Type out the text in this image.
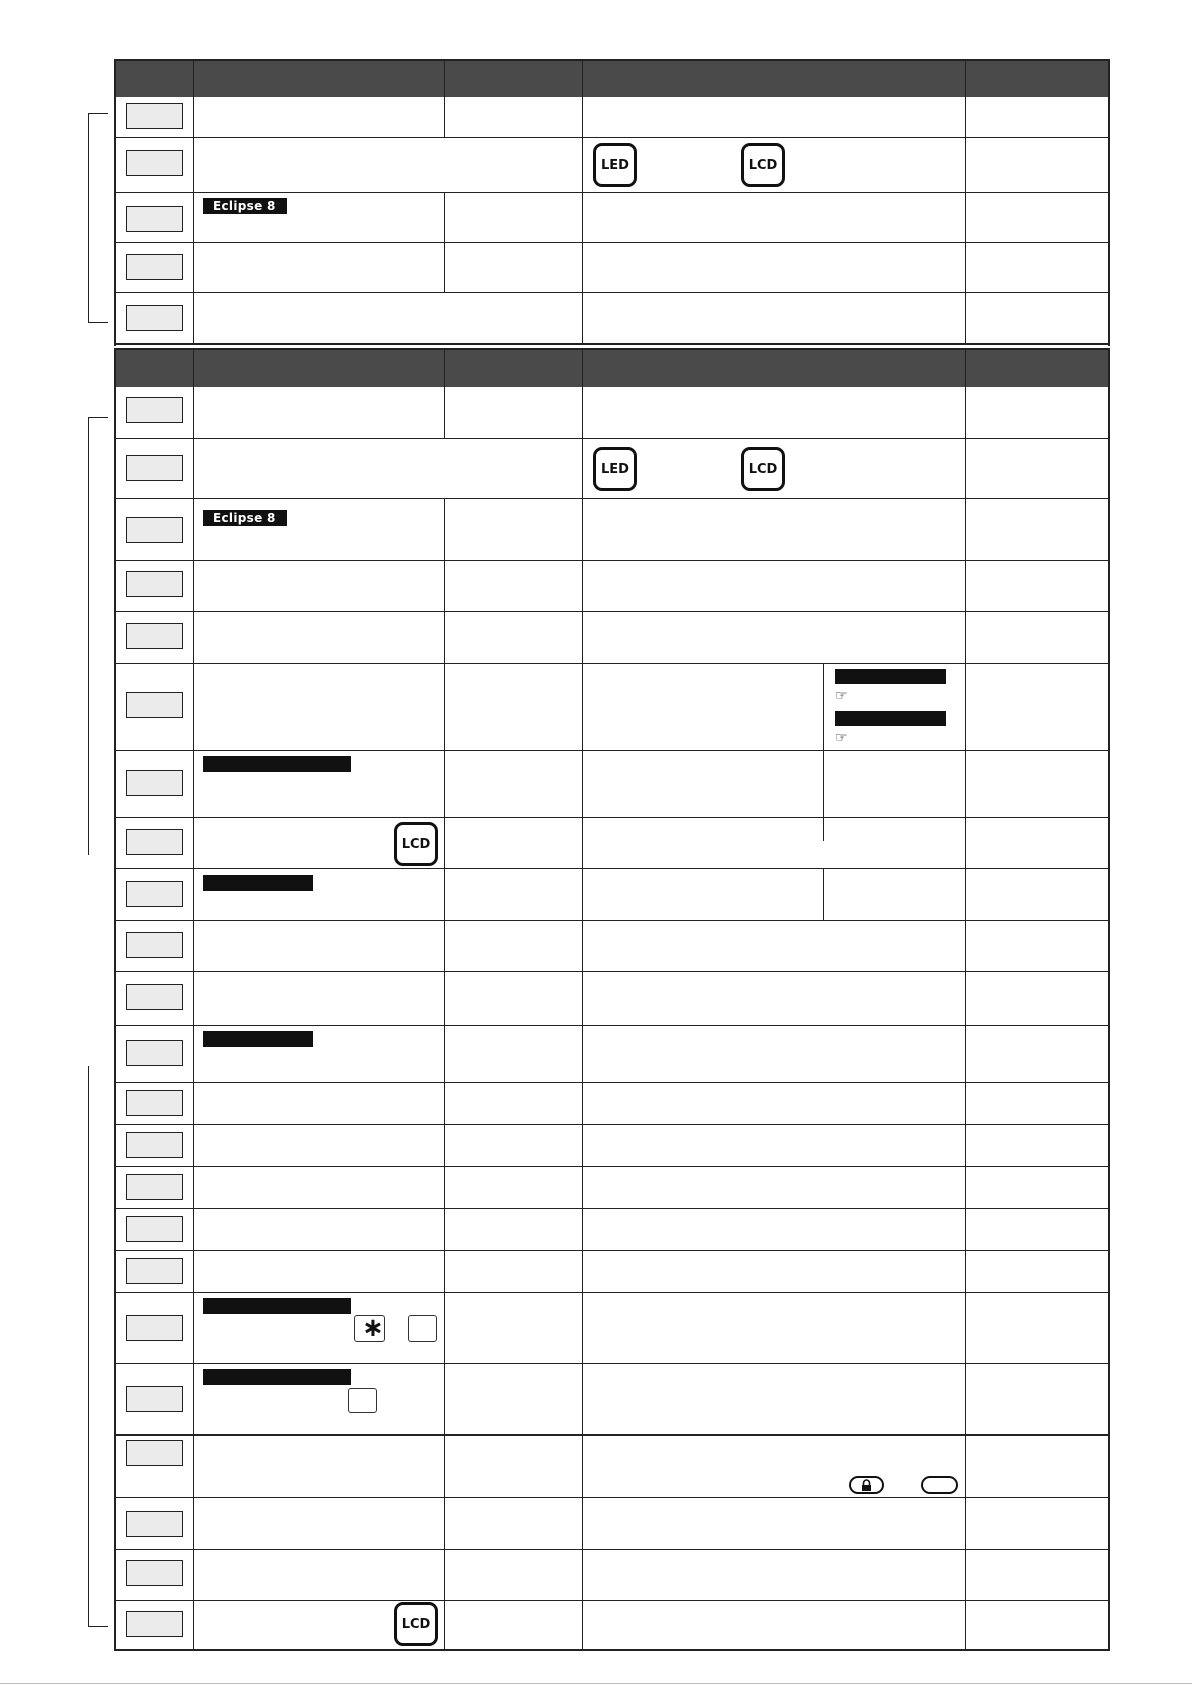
LED	LCD
Eclipse 8
LED	LCD
Eclipse 8
☞
☞
LCD
∗
LCD
